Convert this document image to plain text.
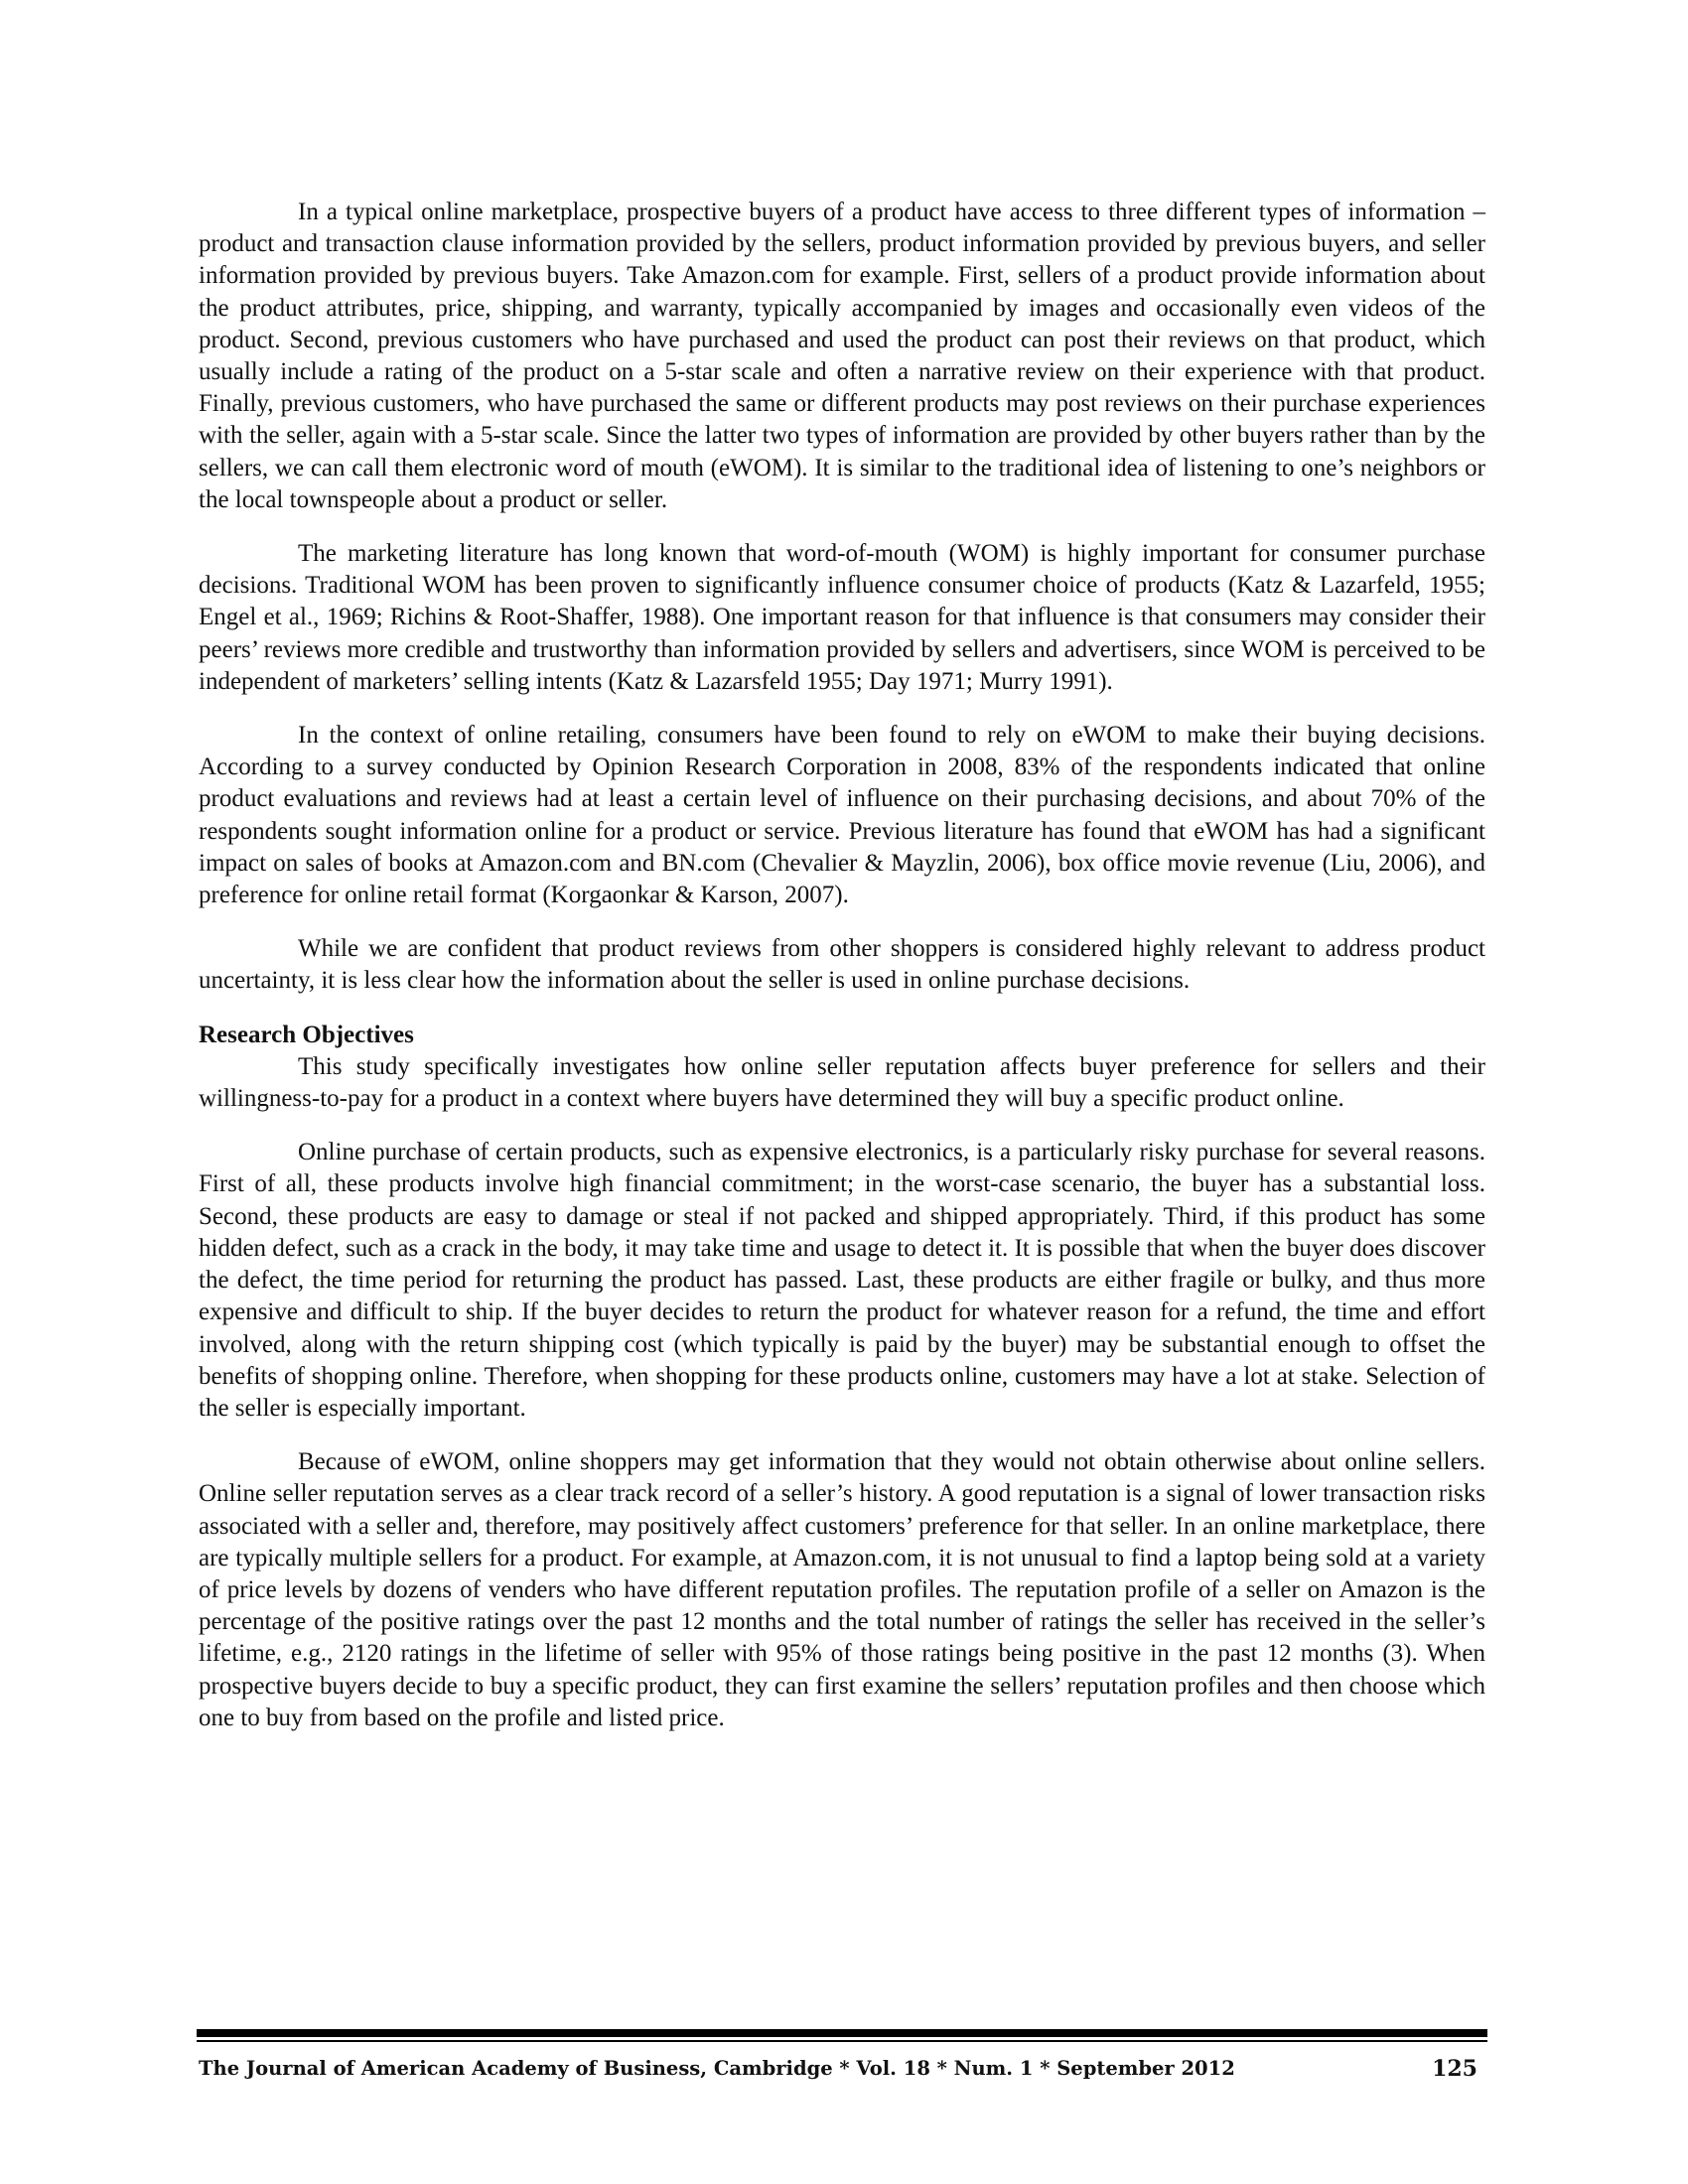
In a typical online marketplace, prospective buyers of a product have access to three different types of information – product and transaction clause information provided by the sellers, product information provided by previous buyers, and seller information provided by previous buyers. Take Amazon.com for example. First, sellers of a product provide information about the product attributes, price, shipping, and warranty, typically accompanied by images and occasionally even videos of the product. Second, previous customers who have purchased and used the product can post their reviews on that product, which usually include a rating of the product on a 5-star scale and often a narrative review on their experience with that product. Finally, previous customers, who have purchased the same or different products may post reviews on their purchase experiences with the seller, again with a 5-star scale. Since the latter two types of information are provided by other buyers rather than by the sellers, we can call them electronic word of mouth (eWOM). It is similar to the traditional idea of listening to one’s neighbors or the local townspeople about a product or seller.

The marketing literature has long known that word-of-mouth (WOM) is highly important for consumer purchase decisions. Traditional WOM has been proven to significantly influence consumer choice of products (Katz & Lazarfeld, 1955; Engel et al., 1969; Richins & Root-Shaffer, 1988). One important reason for that influence is that consumers may consider their peers’ reviews more credible and trustworthy than information provided by sellers and advertisers, since WOM is perceived to be independent of marketers’ selling intents (Katz & Lazarsfeld 1955; Day 1971; Murry 1991).

In the context of online retailing, consumers have been found to rely on eWOM to make their buying decisions. According to a survey conducted by Opinion Research Corporation in 2008, 83% of the respondents indicated that online product evaluations and reviews had at least a certain level of influence on their purchasing decisions, and about 70% of the respondents sought information online for a product or service. Previous literature has found that eWOM has had a significant impact on sales of books at Amazon.com and BN.com (Chevalier & Mayzlin, 2006), box office movie revenue (Liu, 2006), and preference for online retail format (Korgaonkar & Karson, 2007).

While we are confident that product reviews from other shoppers is considered highly relevant to address product uncertainty, it is less clear how the information about the seller is used in online purchase decisions.

Research Objectives

This study specifically investigates how online seller reputation affects buyer preference for sellers and their willingness-to-pay for a product in a context where buyers have determined they will buy a specific product online.

Online purchase of certain products, such as expensive electronics, is a particularly risky purchase for several reasons. First of all, these products involve high financial commitment; in the worst-case scenario, the buyer has a substantial loss. Second, these products are easy to damage or steal if not packed and shipped appropriately. Third, if this product has some hidden defect, such as a crack in the body, it may take time and usage to detect it. It is possible that when the buyer does discover the defect, the time period for returning the product has passed. Last, these products are either fragile or bulky, and thus more expensive and difficult to ship. If the buyer decides to return the product for whatever reason for a refund, the time and effort involved, along with the return shipping cost (which typically is paid by the buyer) may be substantial enough to offset the benefits of shopping online. Therefore, when shopping for these products online, customers may have a lot at stake. Selection of the seller is especially important.

Because of eWOM, online shoppers may get information that they would not obtain otherwise about online sellers. Online seller reputation serves as a clear track record of a seller’s history. A good reputation is a signal of lower transaction risks associated with a seller and, therefore, may positively affect customers’ preference for that seller. In an online marketplace, there are typically multiple sellers for a product. For example, at Amazon.com, it is not unusual to find a laptop being sold at a variety of price levels by dozens of venders who have different reputation profiles. The reputation profile of a seller on Amazon is the percentage of the positive ratings over the past 12 months and the total number of ratings the seller has received in the seller’s lifetime, e.g., 2120 ratings in the lifetime of seller with 95% of those ratings being positive in the past 12 months (3). When prospective buyers decide to buy a specific product, they can first examine the sellers’ reputation profiles and then choose which one to buy from based on the profile and listed price.

The Journal of American Academy of Business, Cambridge * Vol. 18 * Num. 1 * September 2012	125
